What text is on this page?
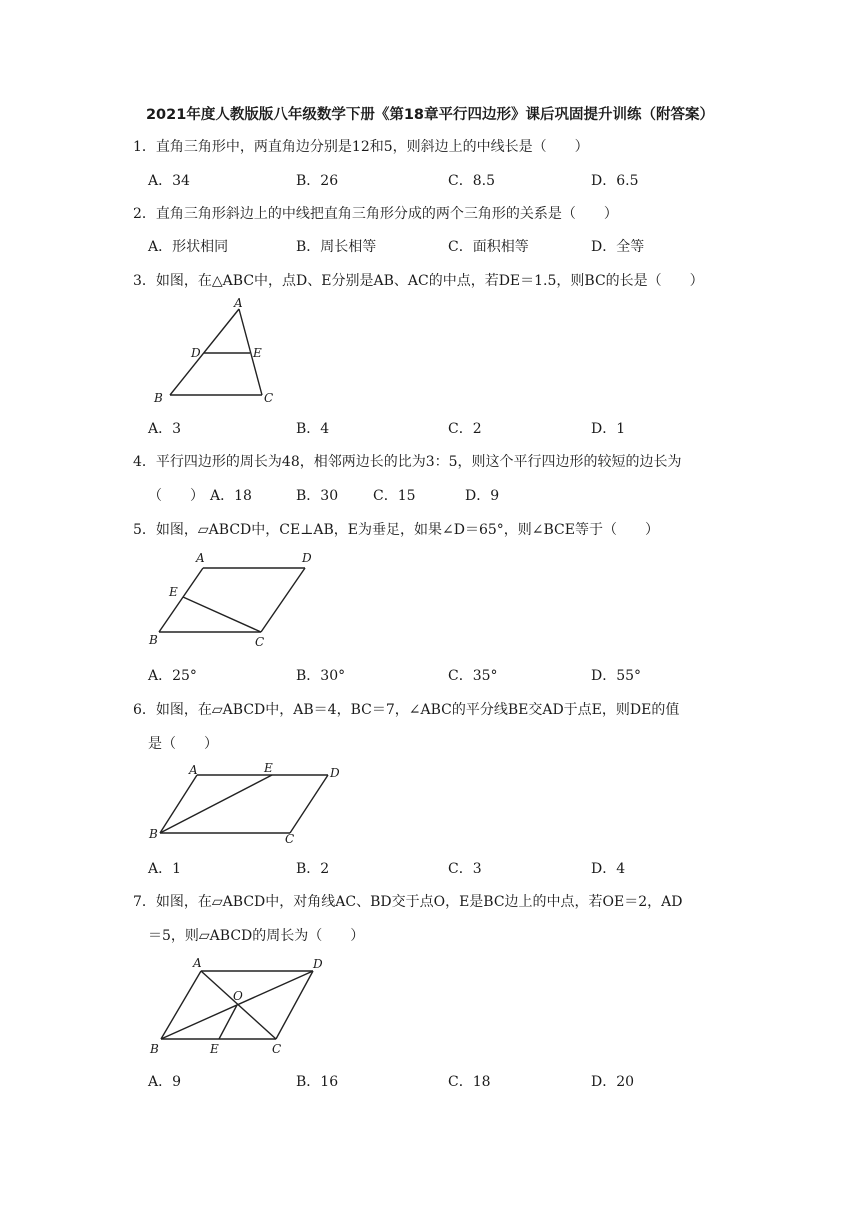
2021年度人教版版八年级数学下册《第18章平行四边形》课后巩固提升训练（附答案）
1．直角三角形中，两直角边分别是12和5，则斜边上的中线长是（　　）
A．34	B．26	C．8.5	D．6.5
2．直角三角形斜边上的中线把直角三角形分成的两个三角形的关系是（　　）
A．形状相同	B．周长相等	C．面积相等	D．全等
3．如图，在△ABC中，点D、E分别是AB、AC的中点，若DE＝1.5，则BC的长是（　　）
A
B	C
D	E
A．3	B．4	C．2	D．1
4．平行四边形的周长为48，相邻两边长的比为3：5，则这个平行四边形的较短的边长为
（　　） A．18	B．30 C．15	D．9
5．如图，▱ABCD中，CE⊥AB，E为垂足，如果∠D＝65°，则∠BCE等于（　　）
A	D
E
B	C
A．25°	B．30°	C．35°	D．55°
6．如图，在▱ABCD中，AB＝4，BC＝7，∠ABC的平分线BE交AD于点E，则DE的值
是（　　）
A	E	D
B	C
A．1	B．2	C．3	D．4
7．如图，在▱ABCD中，对角线AC、BD交于点O，E是BC边上的中点，若OE＝2，AD
＝5，则▱ABCD的周长为（　　）
A	D
O
B	E	C
A．9	B．16	C．18	D．20
